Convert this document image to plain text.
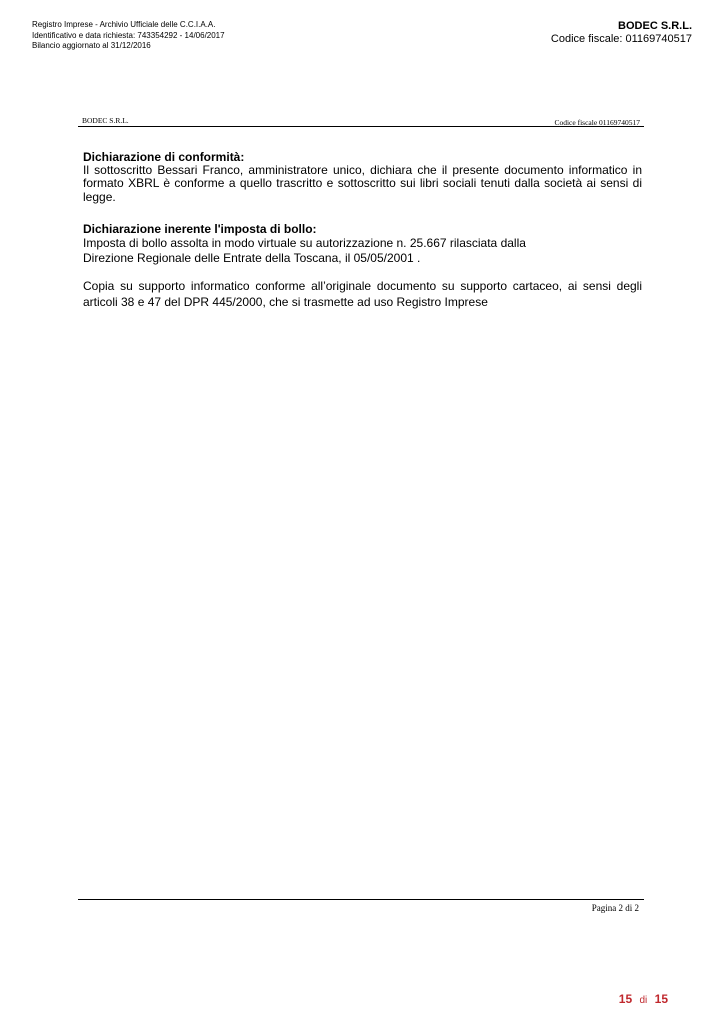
Registro Imprese - Archivio Ufficiale delle C.C.I.A.A.
Identificativo e data richiesta: 743354292 - 14/06/2017
Bilancio aggiornato al 31/12/2016
BODEC S.R.L.
Codice fiscale: 01169740517
BODEC S.R.L.	Codice fiscale 01169740517
Dichiarazione di conformità:
Il sottoscritto Bessari Franco, amministratore unico, dichiara che il presente documento informatico in formato XBRL è conforme a quello trascritto e sottoscritto sui libri sociali tenuti dalla società ai sensi di legge.
Dichiarazione inerente l'imposta di bollo:
Imposta di bollo assolta in modo virtuale su autorizzazione n. 25.667 rilasciata dalla
Direzione Regionale delle Entrate della Toscana, il 05/05/2001 .
Copia su supporto informatico conforme all’originale documento su supporto cartaceo, ai sensi degli articoli 38 e 47 del DPR 445/2000, che si trasmette ad uso Registro Imprese
Pagina 2 di 2
15 di 15
